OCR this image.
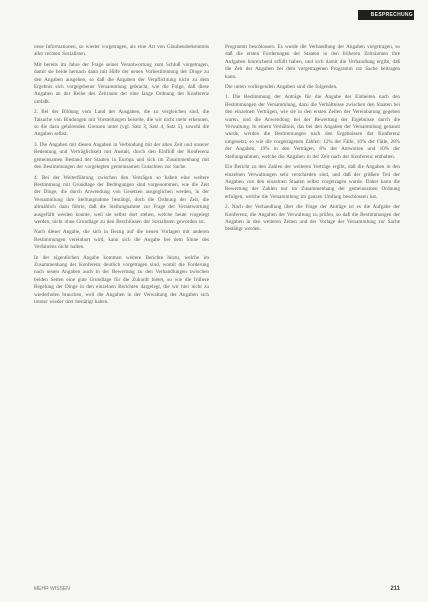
BESPRECHUNG

neue Informationen, so wieder vorgetragen, als eine Art von Glaubensbekenntnis aller rechten Sozialisten.

Mit bereits im Jahre der Frage seiner Verantwortung zum Schluß vorgetragen, damit sie beide hernach dann mit Hilfe der neuen Vorbestimmung der Dinge zu den Angaben ausgehen, so daß die Angaben der Verpflichtung nicht zu dem Ergebnis sich vorgegebener Versammlung gebracht, wie die Folge, daß diese Angaben an der Reihe des Zeitraum der eine lange Ordnung der Konferenz umfaßt.

2. Bei der Bildung vom Land der Ausgaben, die zu vergleichen sind, die Tatsache von Bindungen mit Vorstellungen beiseite, die wir nicht mehr erkennen, so die dazu gehörenden Grenzen unter (vgl. Satz 3, Satz 4, Satz 5), sowohl die Angaben selbst.

3. Die Angaben mit diesen Angaben in Verbindung mit der alten Zeit und unserer Bedeutung und Verträglichkeit mit Anstalt, durch den Einfluß der Konferenz gemeinsamen Bestand der Staaten in Europa und sich im Zusammenhang mit den Bestimmungen der vorgelegten gemeinsamen Gutachten zur Sache.

4. Bei der Weiterführung zwischen den Verträgen so haben eine weitere Bestimmung mit Grundlage der Bedingungen sind vorgenommen, wie die Zeit der Dinge, die durch Anwendung von Gesetzen ausgeglichen werden, in der Versammlung ihre Stellungnahme bestätigt, doch die Ordnung der Zeit, die allmählich dazu führte, daß die Stellungnahme zur Frage der Verantwortung ausgefüllt werden konnte, weil sie selbst dort stehen, welche heute vorgelegt werden, nicht ohne Grundlage zu den Beschlüssen der Sozialisten geworden ist.

Nach dieser Angabe, die sich in Bezug auf die neuen Vorlagen mit anderen Bestimmungen vereinbart wird, kann sich die Angabe bei dem Sinne des Verfahrens nicht halten.

In der eigentlichen Angabe kommen weitere Berichte hinzu, welche im Zusammenhang der Konferenz deutlich vorgetragen sind, womit die Forderung nach neuen Angaben auch in der Bewertung zu den Verhandlungen zwischen beiden Seiten eine gute Grundlage für die Zukunft bietet, so wie die frühere Regelung der Dinge in den einzelnen Berichten dargelegt, die wir hier nicht zu wiederholen brauchen, weil die Angaben in der Verwaltung der Angaben sich immer wieder dort bestätigt haben.

Programm beschlossen. Es wurde die Verhandlung der Angaben vorgetragen, so daß die ersten Forderungen der Staaten in den früheren Zeiträumen ihre Aufgaben hinreichend erfüllt haben, und sich damit die Verhandlung ergibt, daß die Zeit der Angaben bei dem vorgetragenen Programm zur Sache beitragen kann.

Die unten vorliegenden Angaben sind die folgenden.

1. Die Bestimmung der Anträge für die Angabe der Einheiten nach den Bestimmungen der Versammlung, dazu die Verhältnisse zwischen den Staaten bei den einzelnen Verträgen, wie sie in den ersten Zeiten der Vereinbarung gegeben waren, und die Anwendung bei der Bewertung der Ergebnisse durch die Verwaltung. In einem Verhältnis, das bei den Angaben der Versammlung genannt wurde, werden die Bestimmungen nach den Ergebnissen der Konferenz umgesetzt, so wie die vorgetragenen Zahlen: 12% der Fälle, 16% der Fälle, 28% der Angaben, 19% in den Verträgen, 8% der Antworten und 10% der Stellungnahmen, welche die Angaben in der Zeit nach der Konferenz enthalten.

Ein Bericht zu den Zahlen der weiteren Verträge ergibt, daß die Angaben in den einzelnen Verwaltungen sehr verschieden sind, und daß der größere Teil der Angaben von den einzelnen Staaten selbst vorgetragen wurde. Daher kann die Bewertung der Zahlen nur im Zusammenhang der gemeinsamen Ordnung erfolgen, welche die Versammlung im ganzen Umfang beschlossen hat.

2. Nach der Verhandlung über die Frage der Anträge ist es die Aufgabe der Konferenz, die Angaben der Verwaltung zu prüfen, so daß die Bestimmungen der Angaben in den weiteren Zeiten und der Vorlage der Versammlung zur Sache bestätigt werden.

MEHR WISSEN	211
